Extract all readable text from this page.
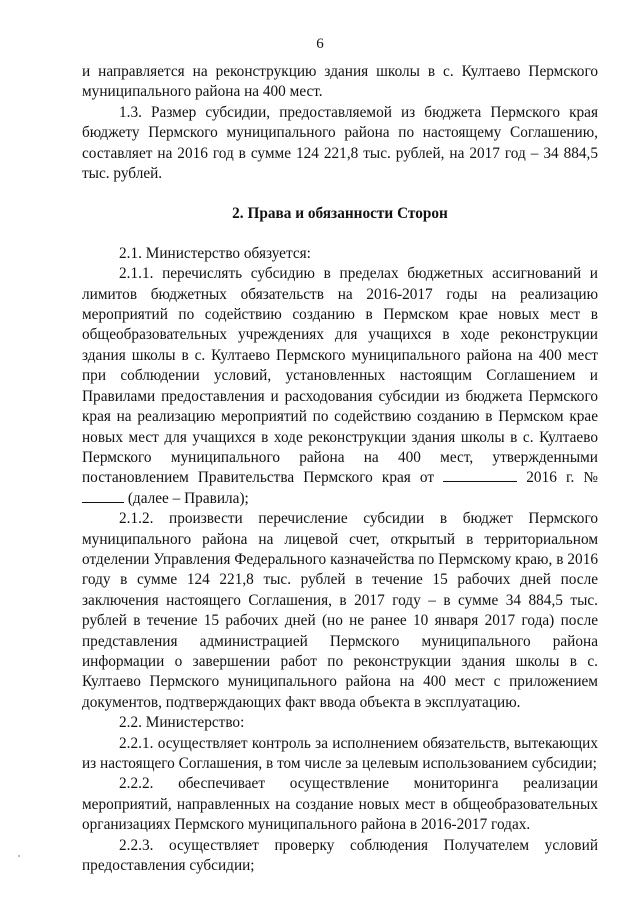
6

и направляется на реконструкцию здания школы в с. Култаево Пермского муниципального района на 400 мест.

1.3. Размер субсидии, предоставляемой из бюджета Пермского края бюджету Пермского муниципального района по настоящему Соглашению, составляет на 2016 год в сумме 124 221,8 тыс. рублей, на 2017 год – 34 884,5 тыс. рублей.

2. Права и обязанности Сторон

2.1. Министерство обязуется:

2.1.1. перечислять субсидию в пределах бюджетных ассигнований и лимитов бюджетных обязательств на 2016-2017 годы на реализацию мероприятий по содействию созданию в Пермском крае новых мест в общеобразовательных учреждениях для учащихся в ходе реконструкции здания школы в с. Култаево Пермского муниципального района на 400 мест при соблюдении условий, установленных настоящим Соглашением и Правилами предоставления и расходования субсидии из бюджета Пермского края на реализацию мероприятий по содействию созданию в Пермском крае новых мест для учащихся в ходе реконструкции здания школы в с. Култаево Пермского муниципального района на 400 мест, утвержденными постановлением Правительства Пермского края от	2016 г. №  (далее – Правила);

2.1.2. произвести перечисление субсидии в бюджет Пермского муниципального района на лицевой счет, открытый в территориальном отделении Управления Федерального казначейства по Пермскому краю, в 2016 году в сумме 124 221,8 тыс. рублей в течение 15 рабочих дней после заключения настоящего Соглашения, в 2017 году – в сумме 34 884,5 тыс. рублей в течение 15 рабочих дней (но не ранее 10 января 2017 года) после представления администрацией Пермского муниципального района информации о завершении работ по реконструкции здания школы в с. Култаево Пермского муниципального района на 400 мест с приложением документов, подтверждающих факт ввода объекта в эксплуатацию.

2.2. Министерство:

2.2.1. осуществляет контроль за исполнением обязательств, вытекающих из настоящего Соглашения, в том числе за целевым использованием субсидии;

2.2.2. обеспечивает осуществление мониторинга реализации мероприятий, направленных на создание новых мест в общеобразовательных организациях Пермского муниципального района в 2016-2017 годах.

2.2.3. осуществляет проверку соблюдения Получателем условий предоставления субсидии;
